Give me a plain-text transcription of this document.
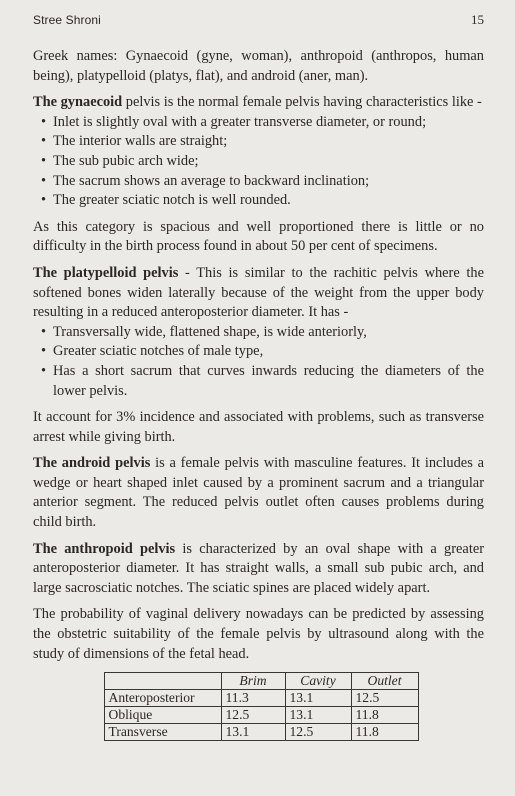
Stree Shroni	15

Greek names: Gynaecoid (gyne, woman), anthropoid (anthropos, human being), platypelloid (platys, flat), and android (aner, man).

The gynaecoid pelvis is the normal female pelvis having characteristics like -

• Inlet is slightly oval with a greater transverse diameter, or round;
• The interior walls are straight;
• The sub pubic arch wide;
• The sacrum shows an average to backward inclination;
• The greater sciatic notch is well rounded.

As this category is spacious and well proportioned there is little or no difficulty in the birth process found in about 50 per cent of specimens.

The platypelloid pelvis - This is similar to the rachitic pelvis where the softened bones widen laterally because of the weight from the upper body resulting in a reduced anteroposterior diameter. It has -

• Transversally wide, flattened shape, is wide anteriorly,
• Greater sciatic notches of male type,
• Has a short sacrum that curves inwards reducing the diameters of the lower pelvis.

It account for 3% incidence and associated with problems, such as transverse arrest while giving birth.

The android pelvis is a female pelvis with masculine features. It includes a wedge or heart shaped inlet caused by a prominent sacrum and a triangular anterior segment. The reduced pelvis outlet often causes problems during child birth.

The anthropoid pelvis is characterized by an oval shape with a greater anteroposterior diameter. It has straight walls, a small sub pubic arch, and large sacrosciatic notches. The sciatic spines are placed widely apart.

The probability of vaginal delivery nowadays can be predicted by assessing the obstetric suitability of the female pelvis by ultrasound along with the study of dimensions of the fetal head.

	Brim	Cavity	Outlet
Anteroposterior	11.3	13.1	12.5
Oblique	12.5	13.1	11.8
Transverse	13.1	12.5	11.8
